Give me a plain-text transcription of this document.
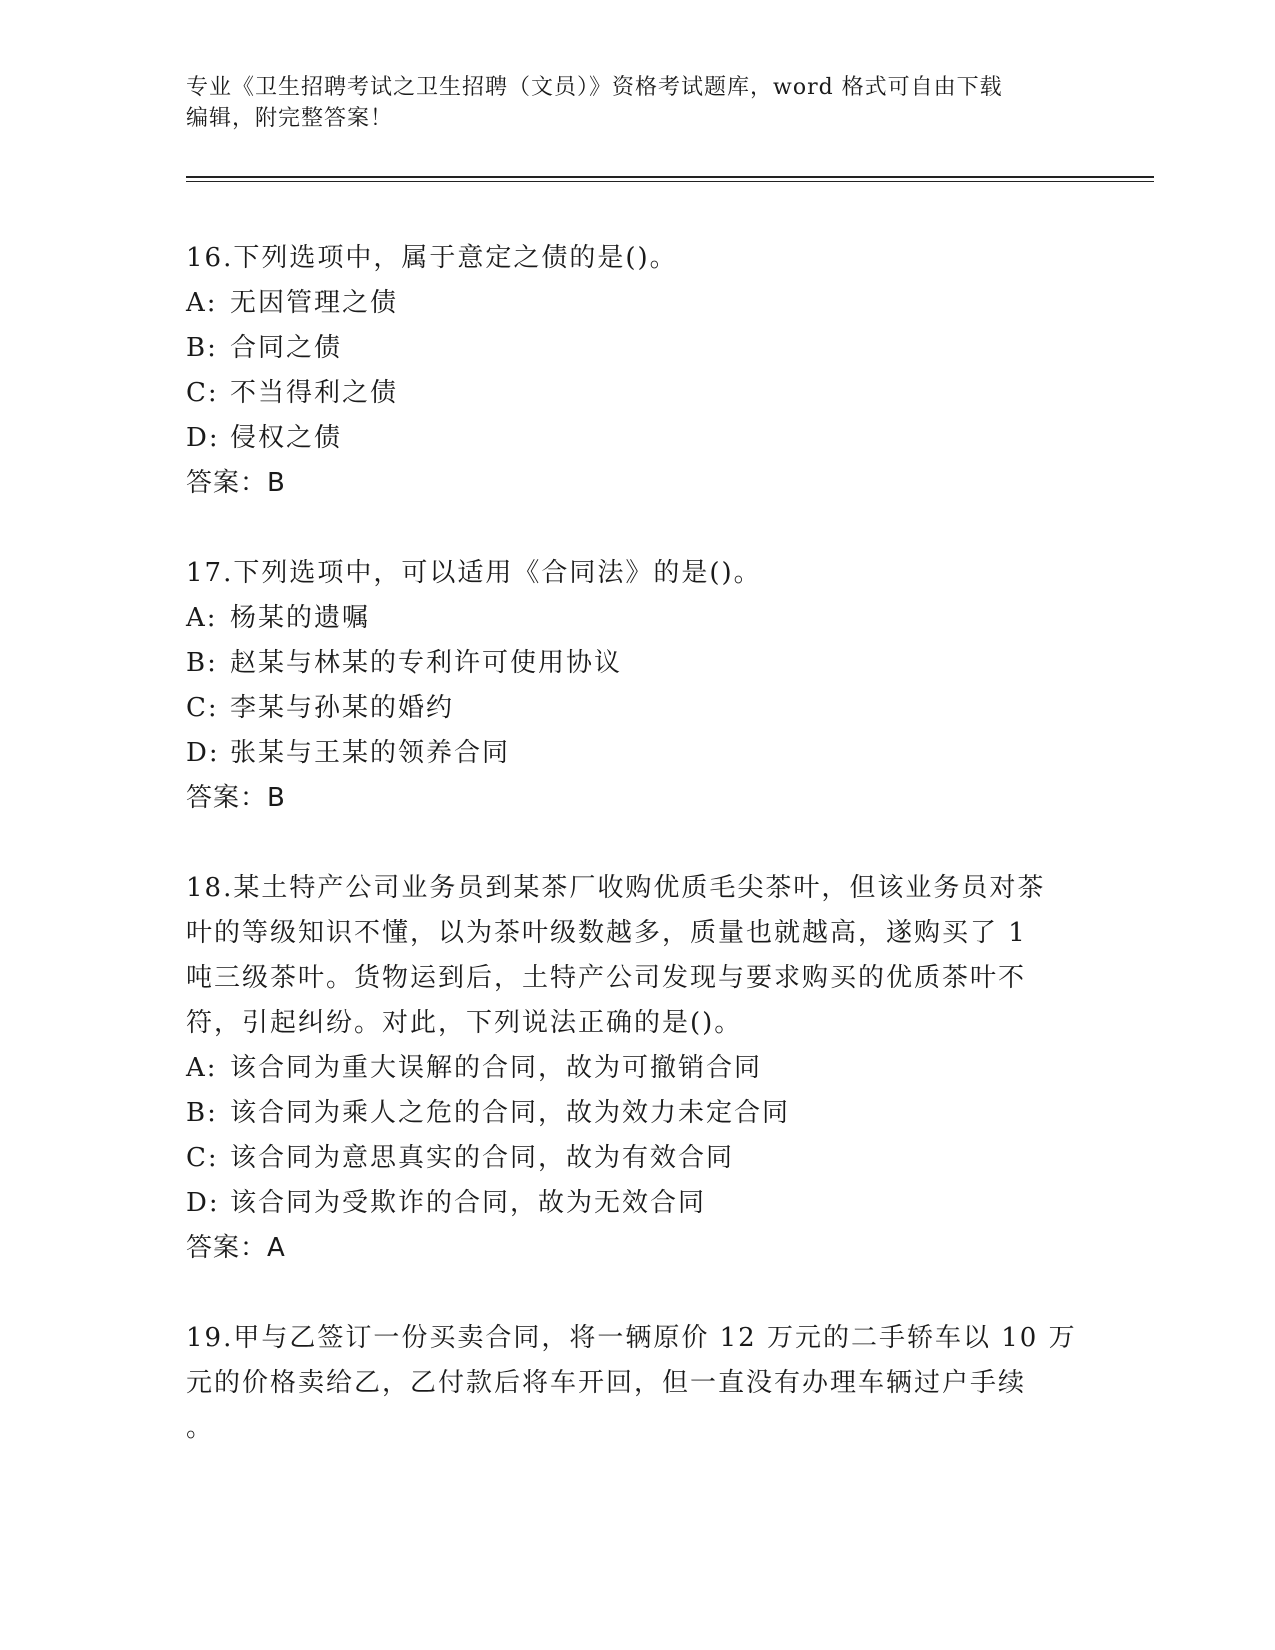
专业《卫生招聘考试之卫生招聘（文员）》资格考试题库，word 格式可自由下载
编辑，附完整答案！
16.下列选项中，属于意定之债的是()。
A: 无因管理之债
B: 合同之债
C: 不当得利之债
D: 侵权之债
答案：B
17.下列选项中，可以适用《合同法》的是()。
A: 杨某的遗嘱
B: 赵某与林某的专利许可使用协议
C: 李某与孙某的婚约
D: 张某与王某的领养合同
答案：B
18.某土特产公司业务员到某茶厂收购优质毛尖茶叶，但该业务员对茶
叶的等级知识不懂，以为茶叶级数越多，质量也就越高，遂购买了 1
吨三级茶叶。货物运到后，土特产公司发现与要求购买的优质茶叶不
符，引起纠纷。对此，下列说法正确的是()。
A: 该合同为重大误解的合同，故为可撤销合同
B: 该合同为乘人之危的合同，故为效力未定合同
C: 该合同为意思真实的合同，故为有效合同
D: 该合同为受欺诈的合同，故为无效合同
答案：A
19.甲与乙签订一份买卖合同，将一辆原价 12 万元的二手轿车以 10 万
元的价格卖给乙，乙付款后将车开回，但一直没有办理车辆过户手续
。
